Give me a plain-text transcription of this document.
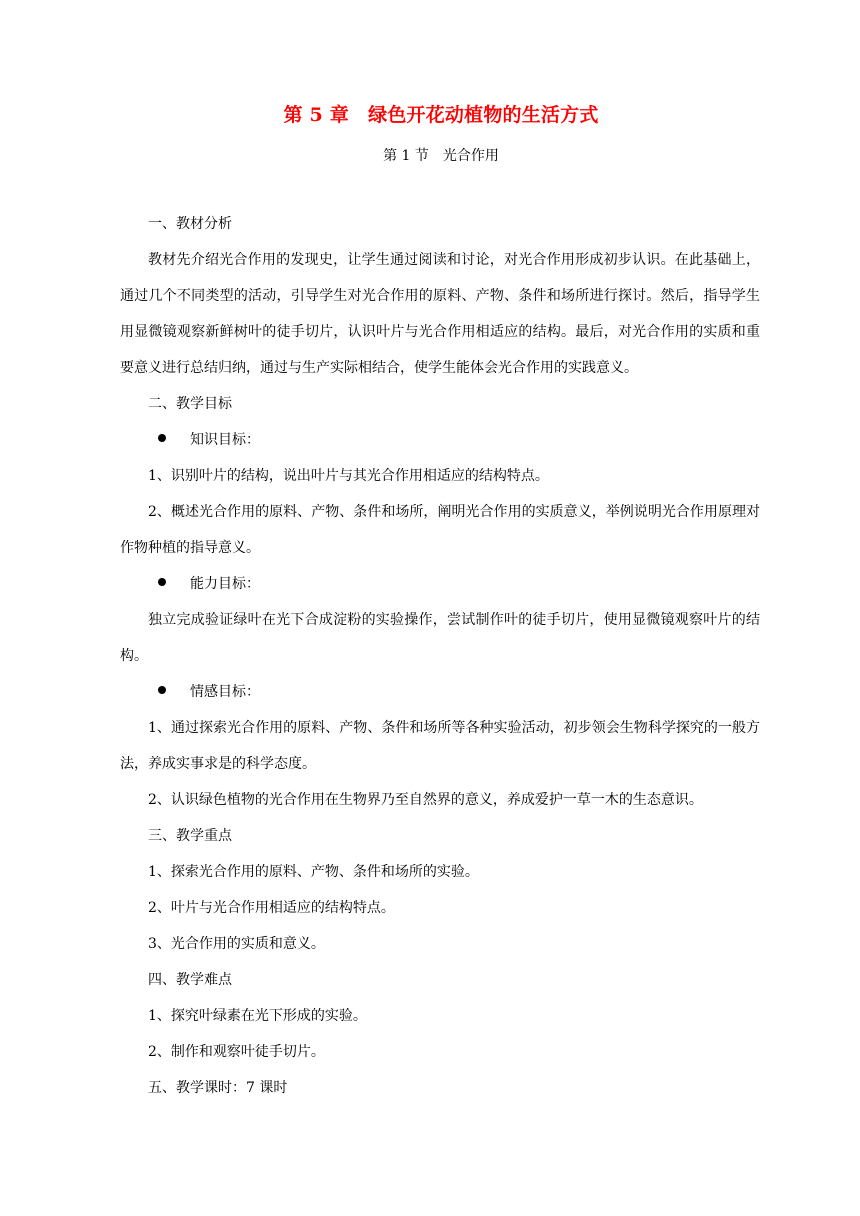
第 5 章　绿色开花动植物的生活方式
第 1 节　光合作用

一、教材分析

教材先介绍光合作用的发现史，让学生通过阅读和讨论，对光合作用形成初步认识。在此基础上，通过几个不同类型的活动，引导学生对光合作用的原料、产物、条件和场所进行探讨。然后，指导学生用显微镜观察新鲜树叶的徒手切片，认识叶片与光合作用相适应的结构。最后，对光合作用的实质和重要意义进行总结归纳，通过与生产实际相结合，使学生能体会光合作用的实践意义。

二、教学目标

知识目标：

1、识别叶片的结构，说出叶片与其光合作用相适应的结构特点。

2、概述光合作用的原料、产物、条件和场所，阐明光合作用的实质意义，举例说明光合作用原理对作物种植的指导意义。

能力目标：

独立完成验证绿叶在光下合成淀粉的实验操作，尝试制作叶的徒手切片，使用显微镜观察叶片的结构。

情感目标：

1、通过探索光合作用的原料、产物、条件和场所等各种实验活动，初步领会生物科学探究的一般方法，养成实事求是的科学态度。

2、认识绿色植物的光合作用在生物界乃至自然界的意义，养成爱护一草一木的生态意识。

三、教学重点

1、探索光合作用的原料、产物、条件和场所的实验。

2、叶片与光合作用相适应的结构特点。

3、光合作用的实质和意义。

四、教学难点

1、探究叶绿素在光下形成的实验。

2、制作和观察叶徒手切片。

五、教学课时：7 课时
